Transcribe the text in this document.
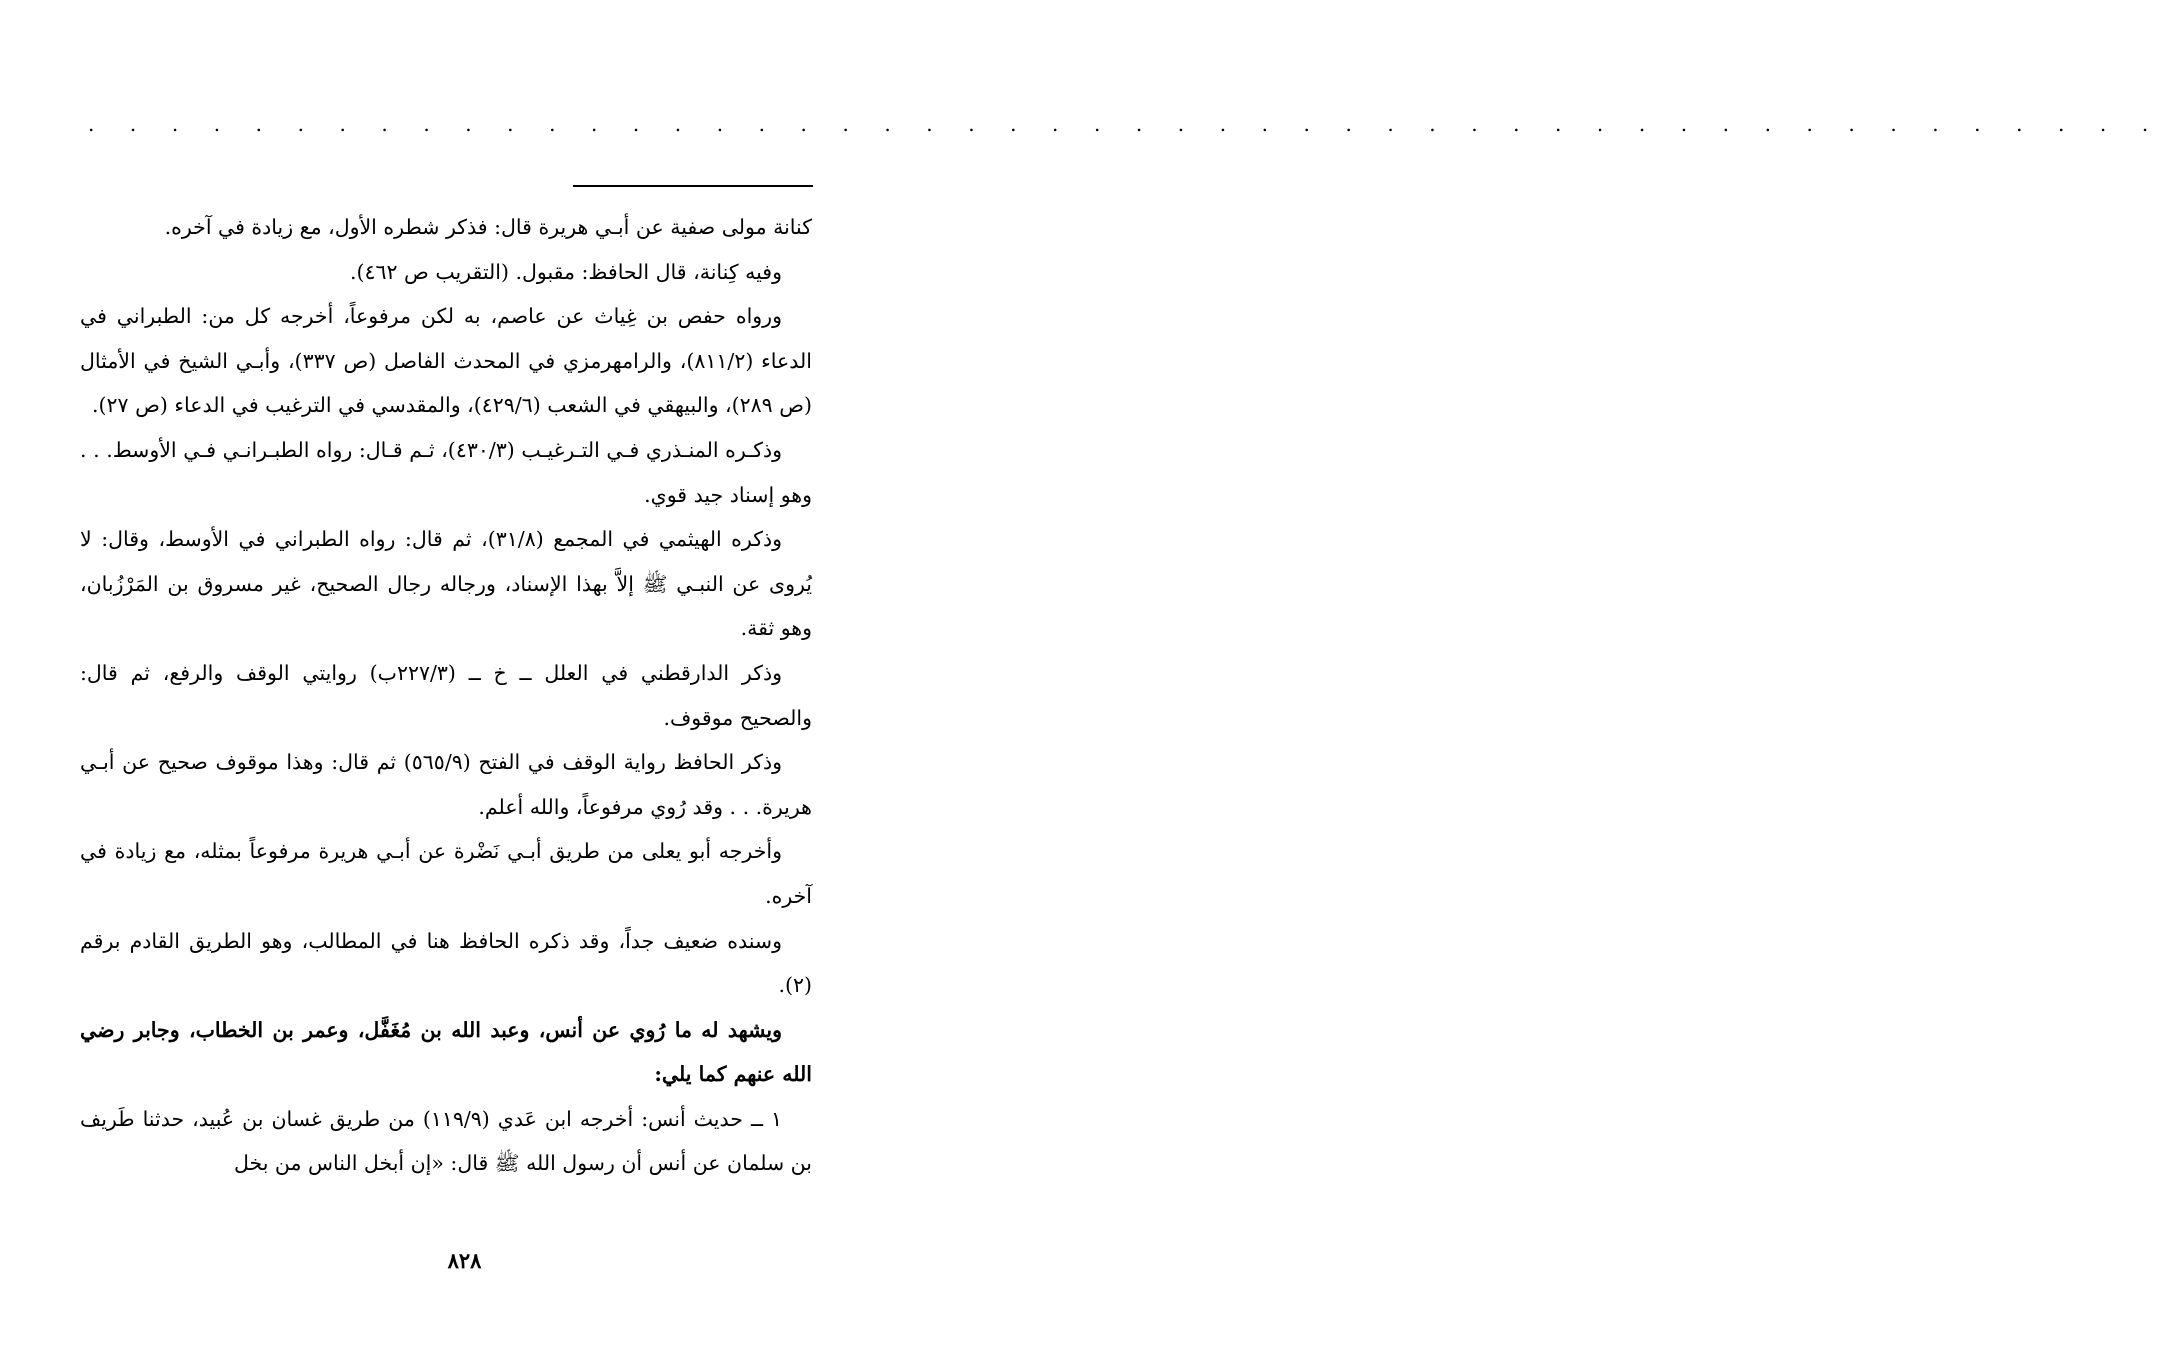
. . . . . . . . . . . . . . . . . . . . . . . . . . . . . . . . . . . . . . . . . . . . . . . . . .

كنانة مولى صفية عن أبـي هريرة قال: فذكر شطره الأول، مع زيادة في آخره.

وفيه كِنانة، قال الحافظ: مقبول. (التقريب ص ٤٦٢).

ورواه حفص بن غِياث عن عاصم، به لكن مرفوعاً، أخرجه كل من: الطبراني في الدعاء (٨١١/٢)، والرامهرمزي في المحدث الفاصل (ص ٣٣٧)، وأبـي الشيخ في الأمثال (ص ٢٨٩)، والبيهقي في الشعب (٤٢٩/٦)، والمقدسي في الترغيب في الدعاء (ص ٢٧).

وذكـره المنـذري فـي التـرغيـب (٤٣٠/٣)، ثـم قـال: رواه الطبـرانـي فـي الأوسط. . . وهو إسناد جيد قوي.

وذكره الهيثمي في المجمع (٣١/٨)، ثم قال: رواه الطبراني في الأوسط، وقال: لا يُروى عن النبـي ﷺ إلاَّ بهذا الإسناد، ورجاله رجال الصحيح، غير مسروق بن المَرْزُبان، وهو ثقة.

وذكر الدارقطني في العلل ــ خ ــ (٢٢٧/٣ب) روايتي الوقف والرفع، ثم قال: والصحيح موقوف.

وذكر الحافظ رواية الوقف في الفتح (٥٦٥/٩) ثم قال: وهذا موقوف صحيح عن أبـي هريرة. . . وقد رُوي مرفوعاً، والله أعلم.

وأخرجه أبو يعلى من طريق أبـي نَضْرة عن أبـي هريرة مرفوعاً بمثله، مع زيادة في آخره.

وسنده ضعيف جداً، وقد ذكره الحافظ هنا في المطالب، وهو الطريق القادم برقم (٢).

ويشهد له ما رُوي عن أنس، وعبد الله بن مُغَفَّل، وعمر بن الخطاب، وجابر رضي الله عنهم كما يلي:

١ ــ حديث أنس: أخرجه ابن عَدي (١١٩/٩) من طريق غسان بن عُبيد، حدثنا طَريف بن سلمان عن أنس أن رسول الله ﷺ قال: «إن أبخل الناس من بخل

٨٢٨
